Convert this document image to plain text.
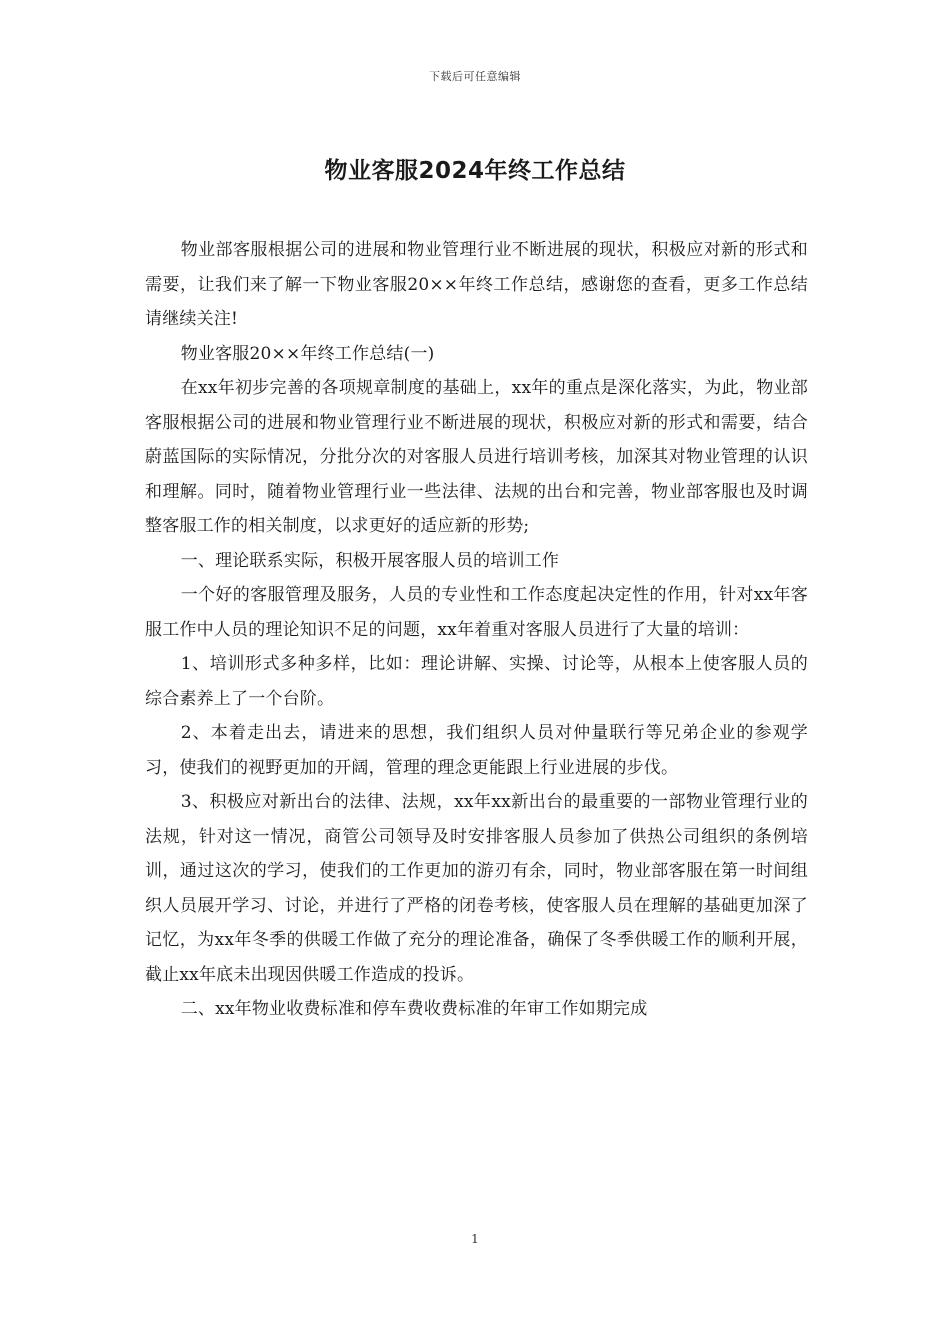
下载后可任意编辑
物业客服2024年终工作总结

物业部客服根据公司的进展和物业管理行业不断进展的现状，积极应对新的形式和需要，让我们来了解一下物业客服20××年终工作总结，感谢您的查看，更多工作总结请继续关注!

物业客服20××年终工作总结(一)

在xx年初步完善的各项规章制度的基础上，xx年的重点是深化落实，为此，物业部客服根据公司的进展和物业管理行业不断进展的现状，积极应对新的形式和需要，结合蔚蓝国际的实际情况，分批分次的对客服人员进行培训考核，加深其对物业管理的认识和理解。同时，随着物业管理行业一些法律、法规的出台和完善，物业部客服也及时调整客服工作的相关制度，以求更好的适应新的形势;

一、理论联系实际，积极开展客服人员的培训工作

一个好的客服管理及服务，人员的专业性和工作态度起决定性的作用，针对xx年客服工作中人员的理论知识不足的问题，xx年着重对客服人员进行了大量的培训：

1、培训形式多种多样，比如：理论讲解、实操、讨论等，从根本上使客服人员的综合素养上了一个台阶。

2、本着走出去，请进来的思想，我们组织人员对仲量联行等兄弟企业的参观学习，使我们的视野更加的开阔，管理的理念更能跟上行业进展的步伐。

3、积极应对新出台的法律、法规，xx年xx新出台的最重要的一部物业管理行业的法规，针对这一情况，商管公司领导及时安排客服人员参加了供热公司组织的条例培训，通过这次的学习，使我们的工作更加的游刃有余，同时，物业部客服在第一时间组织人员展开学习、讨论，并进行了严格的闭卷考核，使客服人员在理解的基础更加深了记忆，为xx年冬季的供暖工作做了充分的理论准备，确保了冬季供暖工作的顺利开展，截止xx年底未出现因供暖工作造成的投诉。

二、xx年物业收费标准和停车费收费标准的年审工作如期完成

1
